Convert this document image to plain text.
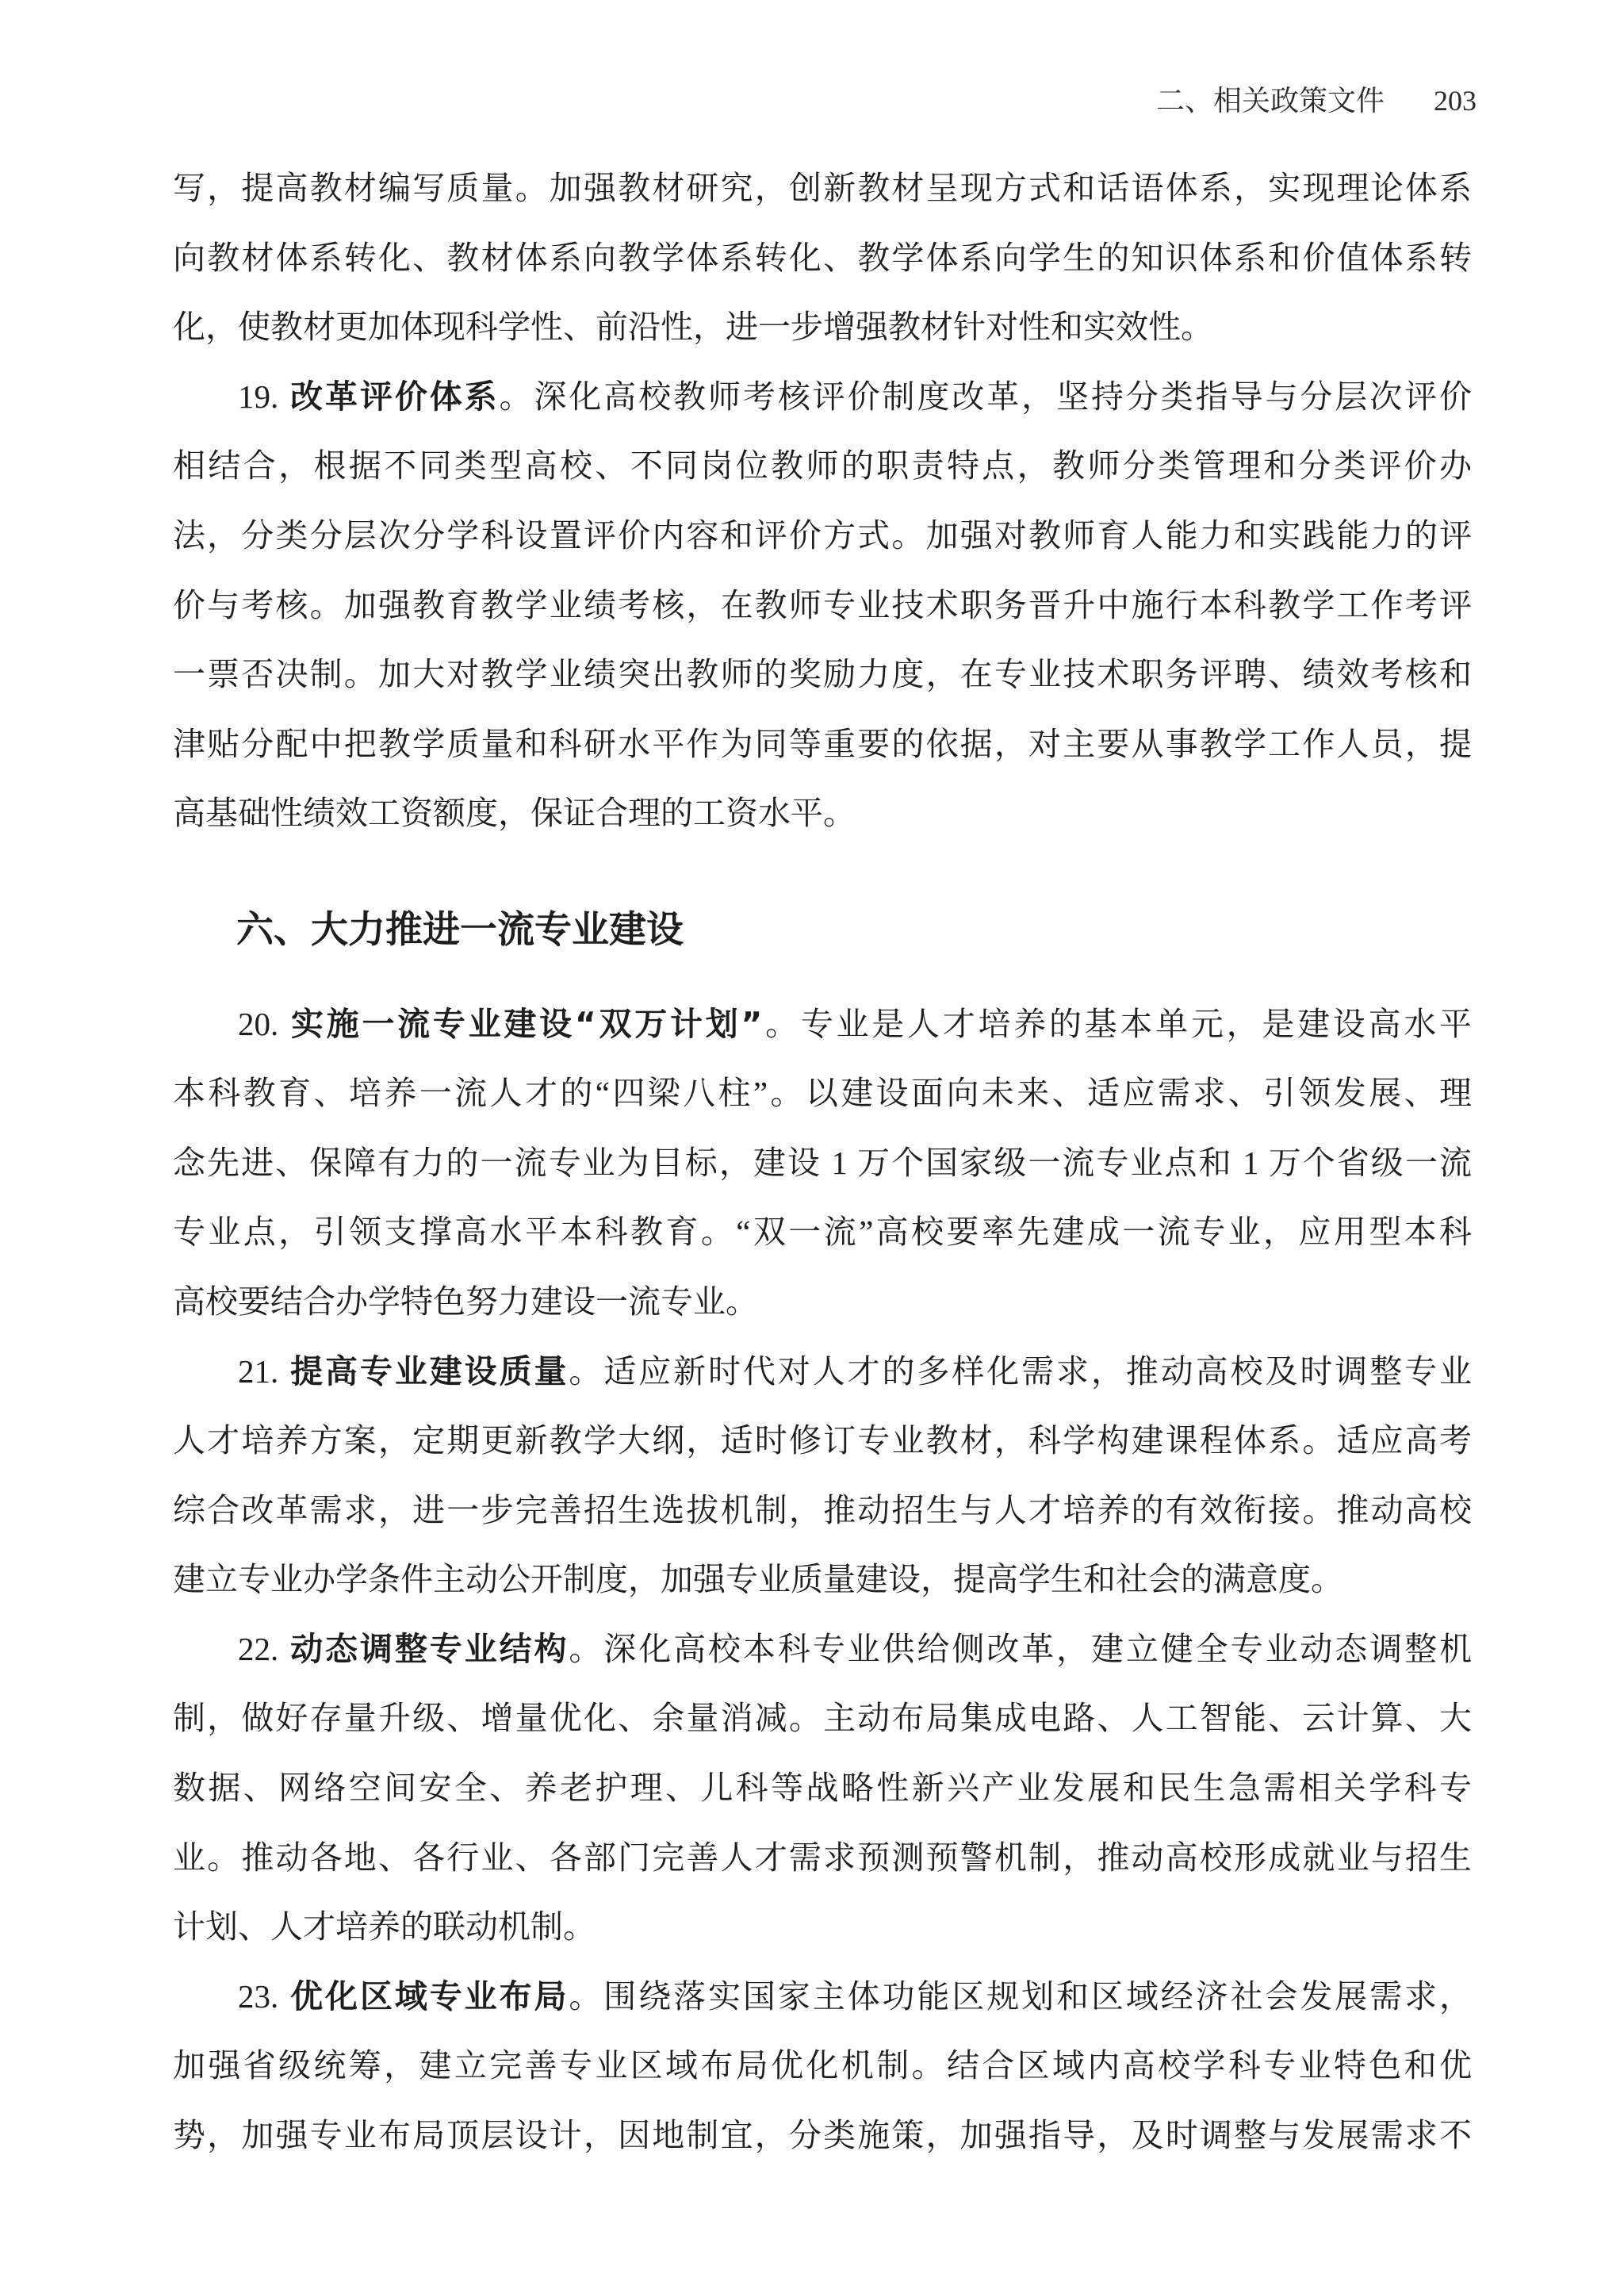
二、相关政策文件 203
写，提高教材编写质量。加强教材研究，创新教材呈现方式和话语体系，实现理论体系
向教材体系转化、教材体系向教学体系转化、教学体系向学生的知识体系和价值体系转
化，使教材更加体现科学性、前沿性，进一步增强教材针对性和实效性。
19. 改革评价体系。深化高校教师考核评价制度改革，坚持分类指导与分层次评价
相结合，根据不同类型高校、不同岗位教师的职责特点，教师分类管理和分类评价办
法，分类分层次分学科设置评价内容和评价方式。加强对教师育人能力和实践能力的评
价与考核。加强教育教学业绩考核，在教师专业技术职务晋升中施行本科教学工作考评
一票否决制。加大对教学业绩突出教师的奖励力度，在专业技术职务评聘、绩效考核和
津贴分配中把教学质量和科研水平作为同等重要的依据，对主要从事教学工作人员，提
高基础性绩效工资额度，保证合理的工资水平。
六、大力推进一流专业建设
20. 实施一流专业建设“双万计划”。专业是人才培养的基本单元，是建设高水平
本科教育、培养一流人才的“四梁八柱”。以建设面向未来、适应需求、引领发展、理
念先进、保障有力的一流专业为目标，建设 1 万个国家级一流专业点和 1 万个省级一流
专业点，引领支撑高水平本科教育。“双一流”高校要率先建成一流专业，应用型本科
高校要结合办学特色努力建设一流专业。
21. 提高专业建设质量。适应新时代对人才的多样化需求，推动高校及时调整专业
人才培养方案，定期更新教学大纲，适时修订专业教材，科学构建课程体系。适应高考
综合改革需求，进一步完善招生选拔机制，推动招生与人才培养的有效衔接。推动高校
建立专业办学条件主动公开制度，加强专业质量建设，提高学生和社会的满意度。
22. 动态调整专业结构。深化高校本科专业供给侧改革，建立健全专业动态调整机
制，做好存量升级、增量优化、余量消减。主动布局集成电路、人工智能、云计算、大
数据、网络空间安全、养老护理、儿科等战略性新兴产业发展和民生急需相关学科专
业。推动各地、各行业、各部门完善人才需求预测预警机制，推动高校形成就业与招生
计划、人才培养的联动机制。
23. 优化区域专业布局。围绕落实国家主体功能区规划和区域经济社会发展需求，
加强省级统筹，建立完善专业区域布局优化机制。结合区域内高校学科专业特色和优
势，加强专业布局顶层设计，因地制宜，分类施策，加强指导，及时调整与发展需求不
